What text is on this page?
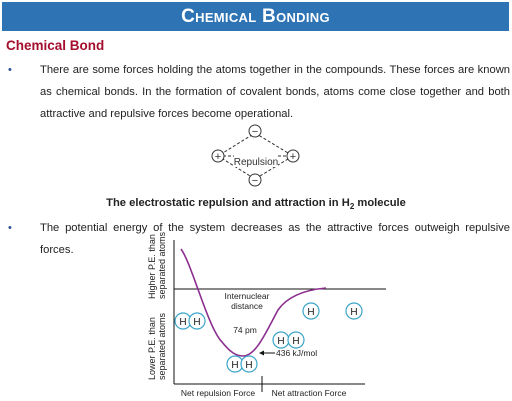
Chemical Bonding
Chemical Bond
•	There are some forces holding the atoms together in the compounds. These forces are known as chemical bonds. In the formation of covalent bonds, atoms come close together and both attractive and repulsive forces become operational.
−
−
+	+
Repulsion
The electrostatic repulsion and attraction in $H_2$ molecule
•	The potential energy of the system decreases as the attractive forces outweigh repulsive forces.	Higher P.E. than separated atoms
Lower P.E. than separated atoms
Internuclear
distance
74 pm
436 kJ/mol
Net repulsion Force Net attraction Force
H	H
H H
H H
H H
